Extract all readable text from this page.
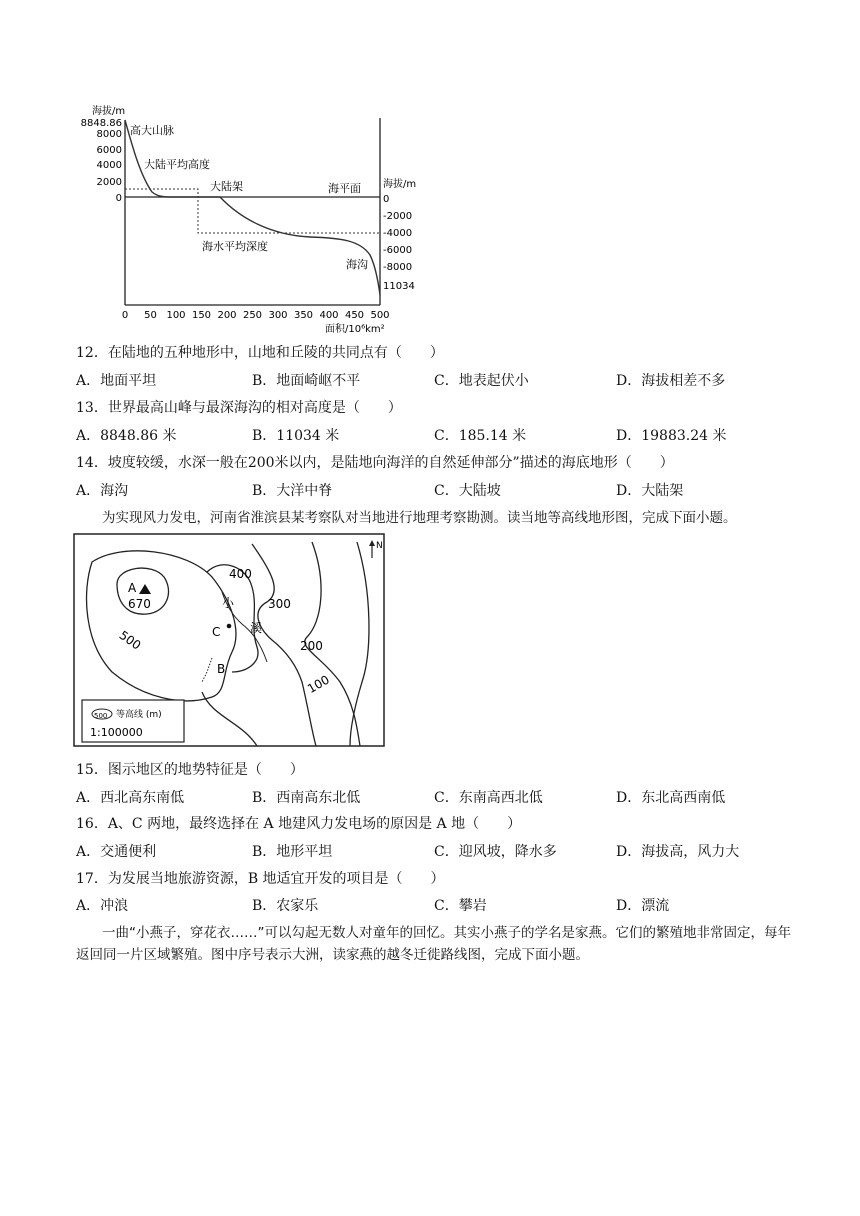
海拔/m
8848.86
8000
6000
4000
2000
0
海拔/m
0
-2000
-4000
-6000
-8000
11034
0 50 100 150 200 250 300 350 400 450 500
面积/10⁶km²
高大山脉
大陆平均高度
大陆架	海平面
海水平均深度
海沟
12．在陆地的五种地形中，山地和丘陵的共同点有（　　）
A．地面平坦	B．地面崎岖不平	C．地表起伏小	D．海拔相差不多
13．世界最高山峰与最深海沟的相对高度是（　　）
A．8848.86 米	B．11034 米	C．185.14 米	D．19883.24 米
14．坡度较缓，水深一般在200米以内，是陆地向海洋的自然延伸部分”描述的海底地形（　　）
A．海沟	B．大洋中脊	C．大陆坡	D．大陆架
为实现风力发电，河南省淮滨县某考察队对当地进行地理考察勘测。读当地等高线地形图，完成下面小题。
A
670
C
B
小
溪
400
300
500	200
100
N
500 等高线 (m)
1:100000
15．图示地区的地势特征是（　　）
A．西北高东南低	B．西南高东北低	C．东南高西北低	D．东北高西南低
16．A、C 两地，最终选择在 A 地建风力发电场的原因是 A 地（　　）
A．交通便利	B．地形平坦	C．迎风坡，降水多	D．海拔高，风力大
17．为发展当地旅游资源，B 地适宜开发的项目是（　　）
A．冲浪	B．农家乐	C．攀岩	D．漂流
一曲“小燕子，穿花衣……”可以勾起无数人对童年的回忆。其实小燕子的学名是家燕。它们的繁殖地非常固定，每年返回同一片区域繁殖。图中序号表示大洲，读家燕的越冬迁徙路线图，完成下面小题。
